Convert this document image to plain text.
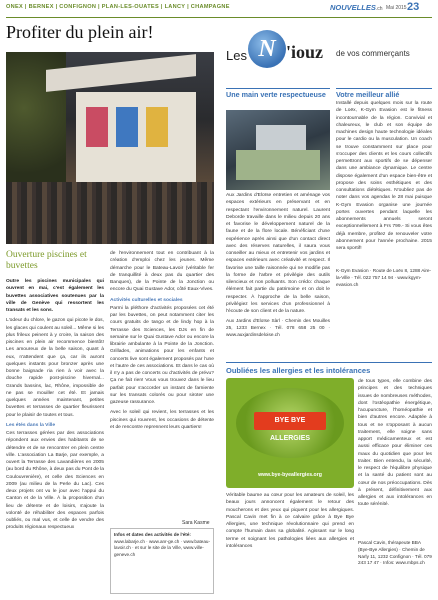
ONEX | BERNEX | CONFIGNON | PLAN-LES-OUATES | LANCY | CHAMPAGNE	NOUVELLES.ch Mai 2015 23
Profiter du plein air!
Ouverture piscines et buvettes

Outre les piscines municipales qui ouvrent en mai, c'est également les buvettes associatives soutenues par la ville de Genève qui ressortent les transats et les sons.

L'odeur du chlore, le gazon qui picote le dos, les glaces qui coulent au soleil... Même si les plus frileux peinent à y croire, la saison des piscines en plein air recommence bientôt! Les amoureux de la belle saison, quant à eux, n'attendent que ça, car ils auront quelques instants pour bronzer après une bonne baignade ria rien à voir avec la douche rapide post-piscine hivernal... Grands bassins, lac, Rhône, impossible de ne pas se mouiller cet été. Et jamais quelques années maintenant, petites buvettes et terrasses de quartier fleurissent pour le plaisir de toutes et tous.

Les étés dans la Ville

Ces terrasses gérées par des associations répondent aux envies des habitants de se détendre et de se rencontrer en plein centre ville. L'association La Barje, par exemple, a ouvert la Terrasse des Lavandières en 2005 (au bord du Rhône, à deux pas du Pont de la Coulouvrenière), et celle des Sciences en 2009 (au milieu de la Perle du Lac). Ces deux projets ont vu le jour avec l'appui du Canton et de la Ville. À la proposition d'un lieu de détente et de loisirs, s'ajoute la volonté de réhabiliter des espaces parfois oubliés, ou mal vus, et celle de vendre des produits régionaux respectueux

de l'environnement tout en contribuant à la création d'emploi chez les jeunes. Même démarche pour le Bateau-Lavoir (véritable fer de tranquillité à deux pas du quartier des Banques), de la Pointe de la Jonction ou encore du Quai Gustave Ador, côté Eaux-Vives.

Activités culturelles et sociales

Parmi la pléthore d'activités proposées cet été par les buvettes, on peut notamment citer les cours gratuits de tango et de lindy hop à la Terrasse des Sciences, les DJs en fin de semaine sur le Quai Gustave Ador ou encore la librairie ambulante à la Pointe de la Jonction. Grillades, animations pour les enfants et concerts live sont également proposés par l'une et l'autre de ces associations. Et dans le cas où il n'y a pas de concerts ou d'activités de prévu? Ça ne fait rien! Vous vous trouvez dans le lieu parfait pour s'accorder un instant de farniente sur les transats colorés ou pour siroter une gazeuse rassurance.

Avec le soleil qui revient, les terrasses et les piscines qui rouvrent, les occasions de détente et de rencontre reprennent leurs quartiers!

Sara Kasme
Infos et dates des activités de l'été:
www.labarje.ch · www.anr-ge.ch · www.bateau-lavoir.ch · et sur le site de la Ville, www.ville-geneve.ch
Les N 'iouz de vos commerçants
Une main verte respectueuse

Aux Jardins d'Eloïse entretien et aménage vos espaces extérieurs en préservant et en respectant l'environnement naturel. Laurent Deborde travaille dans le milieu depuis 20 ans et favorise le développement naturel de la faune et de la flore locale. Bénéficiant d'une expérience après ainsi que d'un contact direct avec des réserves naturelles, il saura vous conseiller au mieux et entretenir vos jardins et espaces extérieurs avec créativité et respect. Il favorise une taille raisonnée qui ne modifie pas la forme de l'arbre et privilégie des outils silencieux et non polluants. Son crédo: chaque élément fait partie du patrimoine et on doit le respecter. À l'approche de la belle saison, privilégiez les services d'un professionnel à l'écoute de son client et de la nature.

Aux Jardins d'Eloïse Sàrl · Chemin des Mouilles 25, 1233 Bernex · Tél. 078 658 25 00 · www.auxjardinsdeloise.ch

Votre meilleur allié

Installé depuis quelques mois sur la route de Loëx, K-Gym Evasion est le fitness incontournable de la région. Convivial et chaleureux, le club et son équipe de machines design haute technologie idéales pour le cardio ou la musculation. Un coach se trouve constamment sur place pour s'occuper des clients et les cours collectifs permettront aux sportifs de se dépenser dans une ambiance dynamique. Le centre dispose également d'un espace bien-être et propose des soins esthétiques et des consultations diététiques. N'oubliez pas de noter dans vos agendas le 28 mai puisque K-Gym Evasion organise une journée portes ouvertes pendant laquelle les abonnements annuels seront exceptionnellement à Frs 799.- Si vous êtes déjà membre, profitez de renouveler votre abonnement pour l'année prochaine. 2015 sera sportif!

K-Gym Evasion · Route de Loëx 8, 1288 Aire-la-Ville · Tél. 022 757 14 94 · www.kgym-evasion.ch
Oubliées les allergies et les intolérances
BYE BYE ALLERGIES
www.bye-byeallergies.org

de tous types, elle combine des principes et des techniques issues de nombreuses méthodes, dont l'ostéopathie énergétique, l'acupuncture, l'homéopathie et bien d'autres encore. Adaptée à tous et ne s'opposant à aucun traitement, elle soigne sans apport médicamenteux et est aussi efficace pour éliminer ces maux du quotidien que pour les traiter. Bien entendu, la sécurité, le respect de l'équilibre physique et la santé du patient sont au cœur de nos préoccupations. Dès à présent, définitivement aux allergies et aux intolérances en toute sérénité.

Véritable baume au cœur pour les amateurs de soleil, les beaux jours annoncent également le retour des moucherons et des yeux qui piquent pour les allergiques. Pascal Cavin met fin à ce calvaire grâce à Bye Bye Allergies, une technique révolutionnaire qui prend en compte l'humain dans sa globalité. Agissant sur le long terme et soignant les pathologies liées aux allergies et intolérances

Pascal Cavin, thérapeute BBA (Bye-Bye Allergies) · Chemin de Narly 11, 1232 Confignon · Tél. 079 243 17 47 · Infos: www.mbps.ch
